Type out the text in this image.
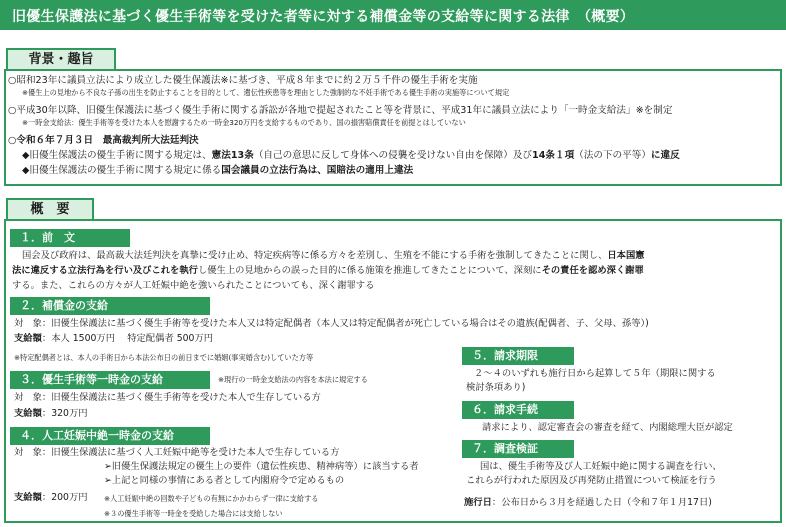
旧優生保護法に基づく優生手術等を受けた者等に対する補償金等の支給等に関する法律　（概要）
背景・趣旨
○昭和23年に議員立法により成立した優生保護法※に基づき、平成８年までに約２万５千件の優生手術を実施
※優生上の見地から不良な子孫の出生を防止することを目的として、遺伝性疾患等を理由とした強制的な不妊手術である優生手術の実施等について規定
○平成30年以降、旧優生保護法に基づく優生手術に関する訴訟が各地で提起されたこと等を背景に、平成31年に議員立法により「一時金支給法」※を制定
※一時金支給法：優生手術等を受けた本人を慰謝するため一時金320万円を支給するものであり、国の損害賠償責任を前提とはしていない
○令和６年７月３日　最高裁判所大法廷判決
◆旧優生保護法の優生手術に関する規定は、憲法13条（自己の意思に反して身体への侵襲を受けない自由を保障）及び14条１項（法の下の平等）に違反
◆旧優生保護法の優生手術に関する規定に係る国会議員の立法行為は、国賠法の適用上違法
概　要
１．前　文
国会及び政府は、最高裁大法廷判決を真摯に受け止め、特定疾病等に係る方々を差別し、生殖を不能にする手術を強制してきたことに関し、日本国憲
法に違反する立法行為を行い及びこれを執行し優生上の見地からの誤った目的に係る施策を推進してきたことについて、深刻にその責任を認め深く謝罪
する。また、これらの方々が人工妊娠中絶を強いられたことについても、深く謝罪する
２．補償金の支給
対　象：旧優生保護法に基づく優生手術等を受けた本人又は特定配偶者（本人又は特定配偶者が死亡している場合はその遺族(配偶者、子、父母、孫等）)
支給額：本人 1500万円　 特定配偶者 500万円
※特定配偶者とは、本人の手術日から本法公布日の前日までに婚姻(事実婚含む)していた方等
３．優生手術等一時金の支給	※現行の一時金支給法の内容を本法に規定する
対　象：旧優生保護法に基づく優生手術等を受けた本人で生存している方
支給額：320万円
４．人工妊娠中絶一時金の支給
対　象：旧優生保護法に基づく人工妊娠中絶等を受けた本人で生存している方
➢旧優生保護法規定の優生上の要件（遺伝性疾患、精神病等）に該当する者
➢上記と同様の事情にある者として内閣府令で定めるもの
支給額：200万円 ※人工妊娠中絶の回数や子どもの有無にかかわらず一律に支給する
※３の優生手術等一時金を受給した場合には支給しない
５．請求期限
２～４のいずれも施行日から起算して５年（期限に関する
検討条項あり)
６．請求手続
請求により、認定審査会の審査を経て、内閣総理大臣が認定
７．調査検証
国は、優生手術等及び人工妊娠中絶に関する調査を行い、
これらが行われた原因及び再発防止措置について検証を行う
施行日：公布日から３月を経過した日（令和７年１月17日)
